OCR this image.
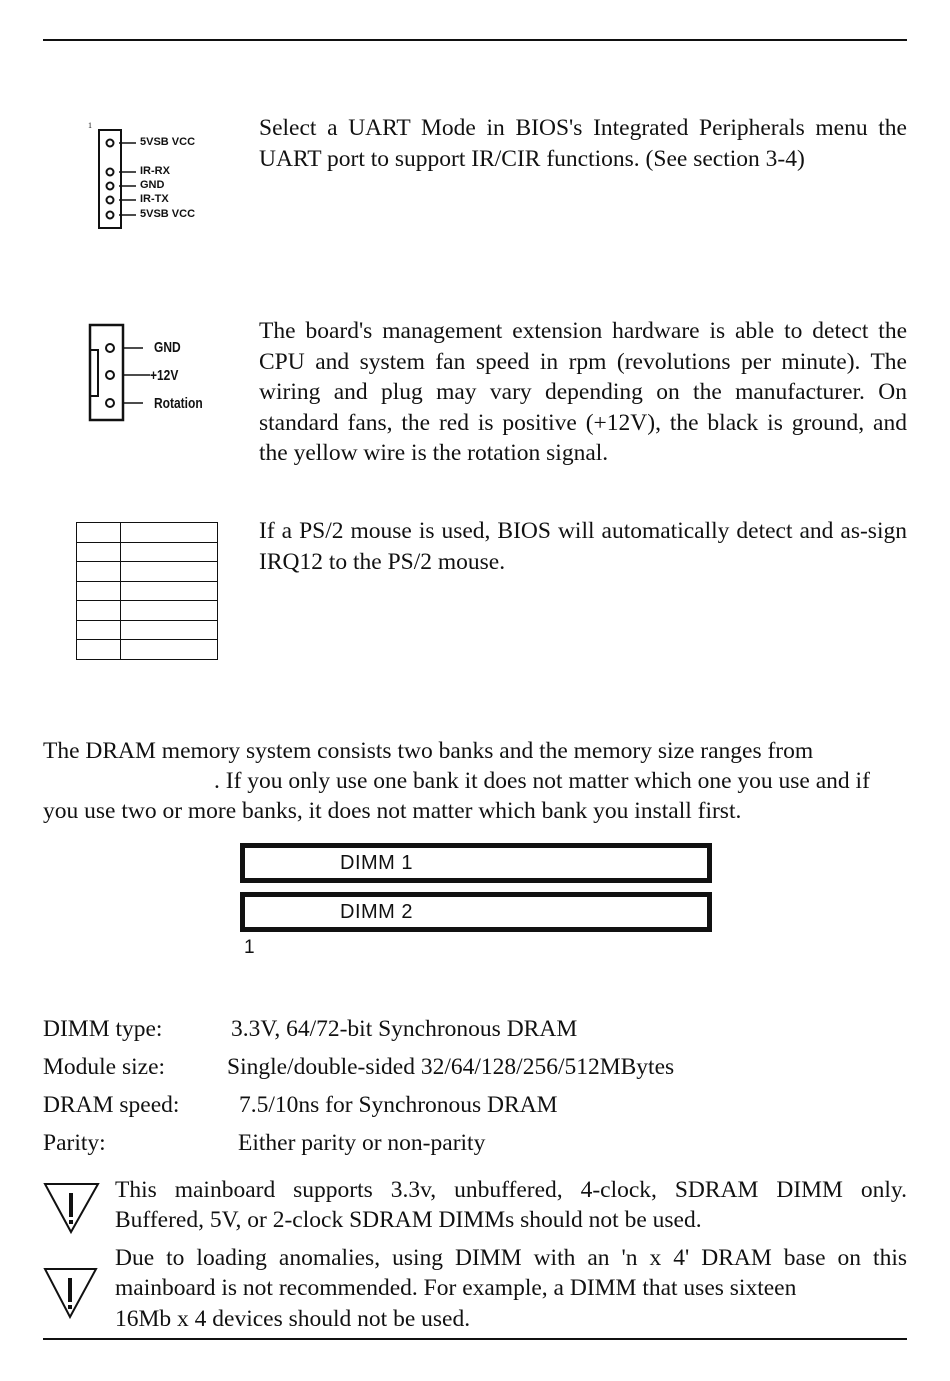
1
5VSB VCC
IR-RX
GND
IR-TX
5VSB VCC

Select a UART Mode in BIOS's Integrated Peripherals menu the UART port to support IR/CIR functions. (See section 3-4)

GND
+12V
Rotation

The board's management extension hardware is able to detect the CPU and system fan speed in rpm (revolutions per minute). The wiring and plug may vary depending on the manufacturer. On standard fans, the red is positive (+12V), the black is ground, and the yellow wire is the rotation signal.

If a PS/2 mouse is used, BIOS will automatically detect and as-sign IRQ12 to the PS/2 mouse.

The DRAM memory system consists two banks and the memory size ranges from
. If you only use one bank it does not matter which one you use and if
you use two or more banks, it does not matter which bank you install first.
DIMM 1
DIMM 2
1
DIMM type:	3.3V, 64/72-bit Synchronous DRAM
Module size:	Single/double-sided 32/64/128/256/512MBytes
DRAM speed:	7.5/10ns for Synchronous DRAM
Parity:	Either parity or non-parity
This mainboard supports 3.3v, unbuffered, 4-clock, SDRAM DIMM only.
Buffered, 5V, or 2-clock SDRAM DIMMs should not be used.
Due to loading anomalies, using DIMM with an 'n x 4' DRAM base on this
mainboard is not recommended. For example, a DIMM that uses sixteen
16Mb x 4 devices should not be used.
